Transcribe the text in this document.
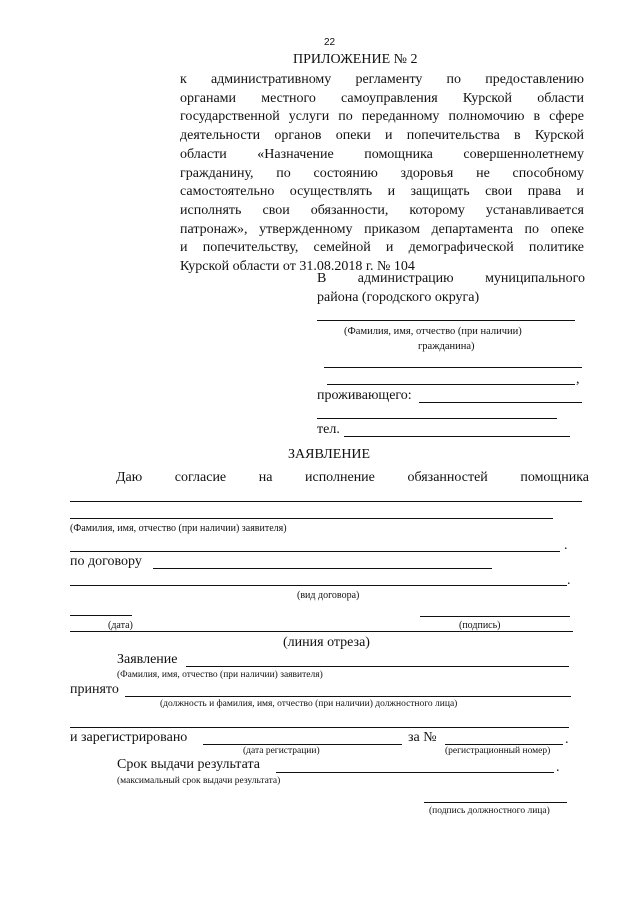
22
ПРИЛОЖЕНИЕ № 2
к административному регламенту по предоставлению
органами местного самоуправления Курской области
государственной услуги по переданному полномочию в сфере
деятельности органов опеки и попечительства в Курской
области «Назначение помощника совершеннолетнему
гражданину, по состоянию здоровья не способному
самостоятельно осуществлять и защищать свои права и
исполнять свои обязанности, которому устанавливается
патронаж», утвержденному приказом департамента по опеке
и попечительству, семейной и демографической политике
Курской области от 31.08.2018 г. № 104
В администрацию муниципального
района (городского округа)
(Фамилия, имя, отчество (при наличии)
гражданина)
,
проживающего:
тел.
ЗАЯВЛЕНИЕ
Даю согласие на исполнение обязанностей помощника
(Фамилия, имя, отчество (при наличии) заявителя)
.
по договору
.
(вид договора)
(дата)	(подпись)
(линия отреза)
Заявление
(Фамилия, имя, отчество (при наличии) заявителя)
принято
(должность и фамилия, имя, отчество (при наличии) должностного лица)
и зарегистрировано	за №	.
(дата регистрации)	(регистрационный номер)
Срок выдачи результата	.
(максимальный срок выдачи результата)
(подпись должностного лица)
